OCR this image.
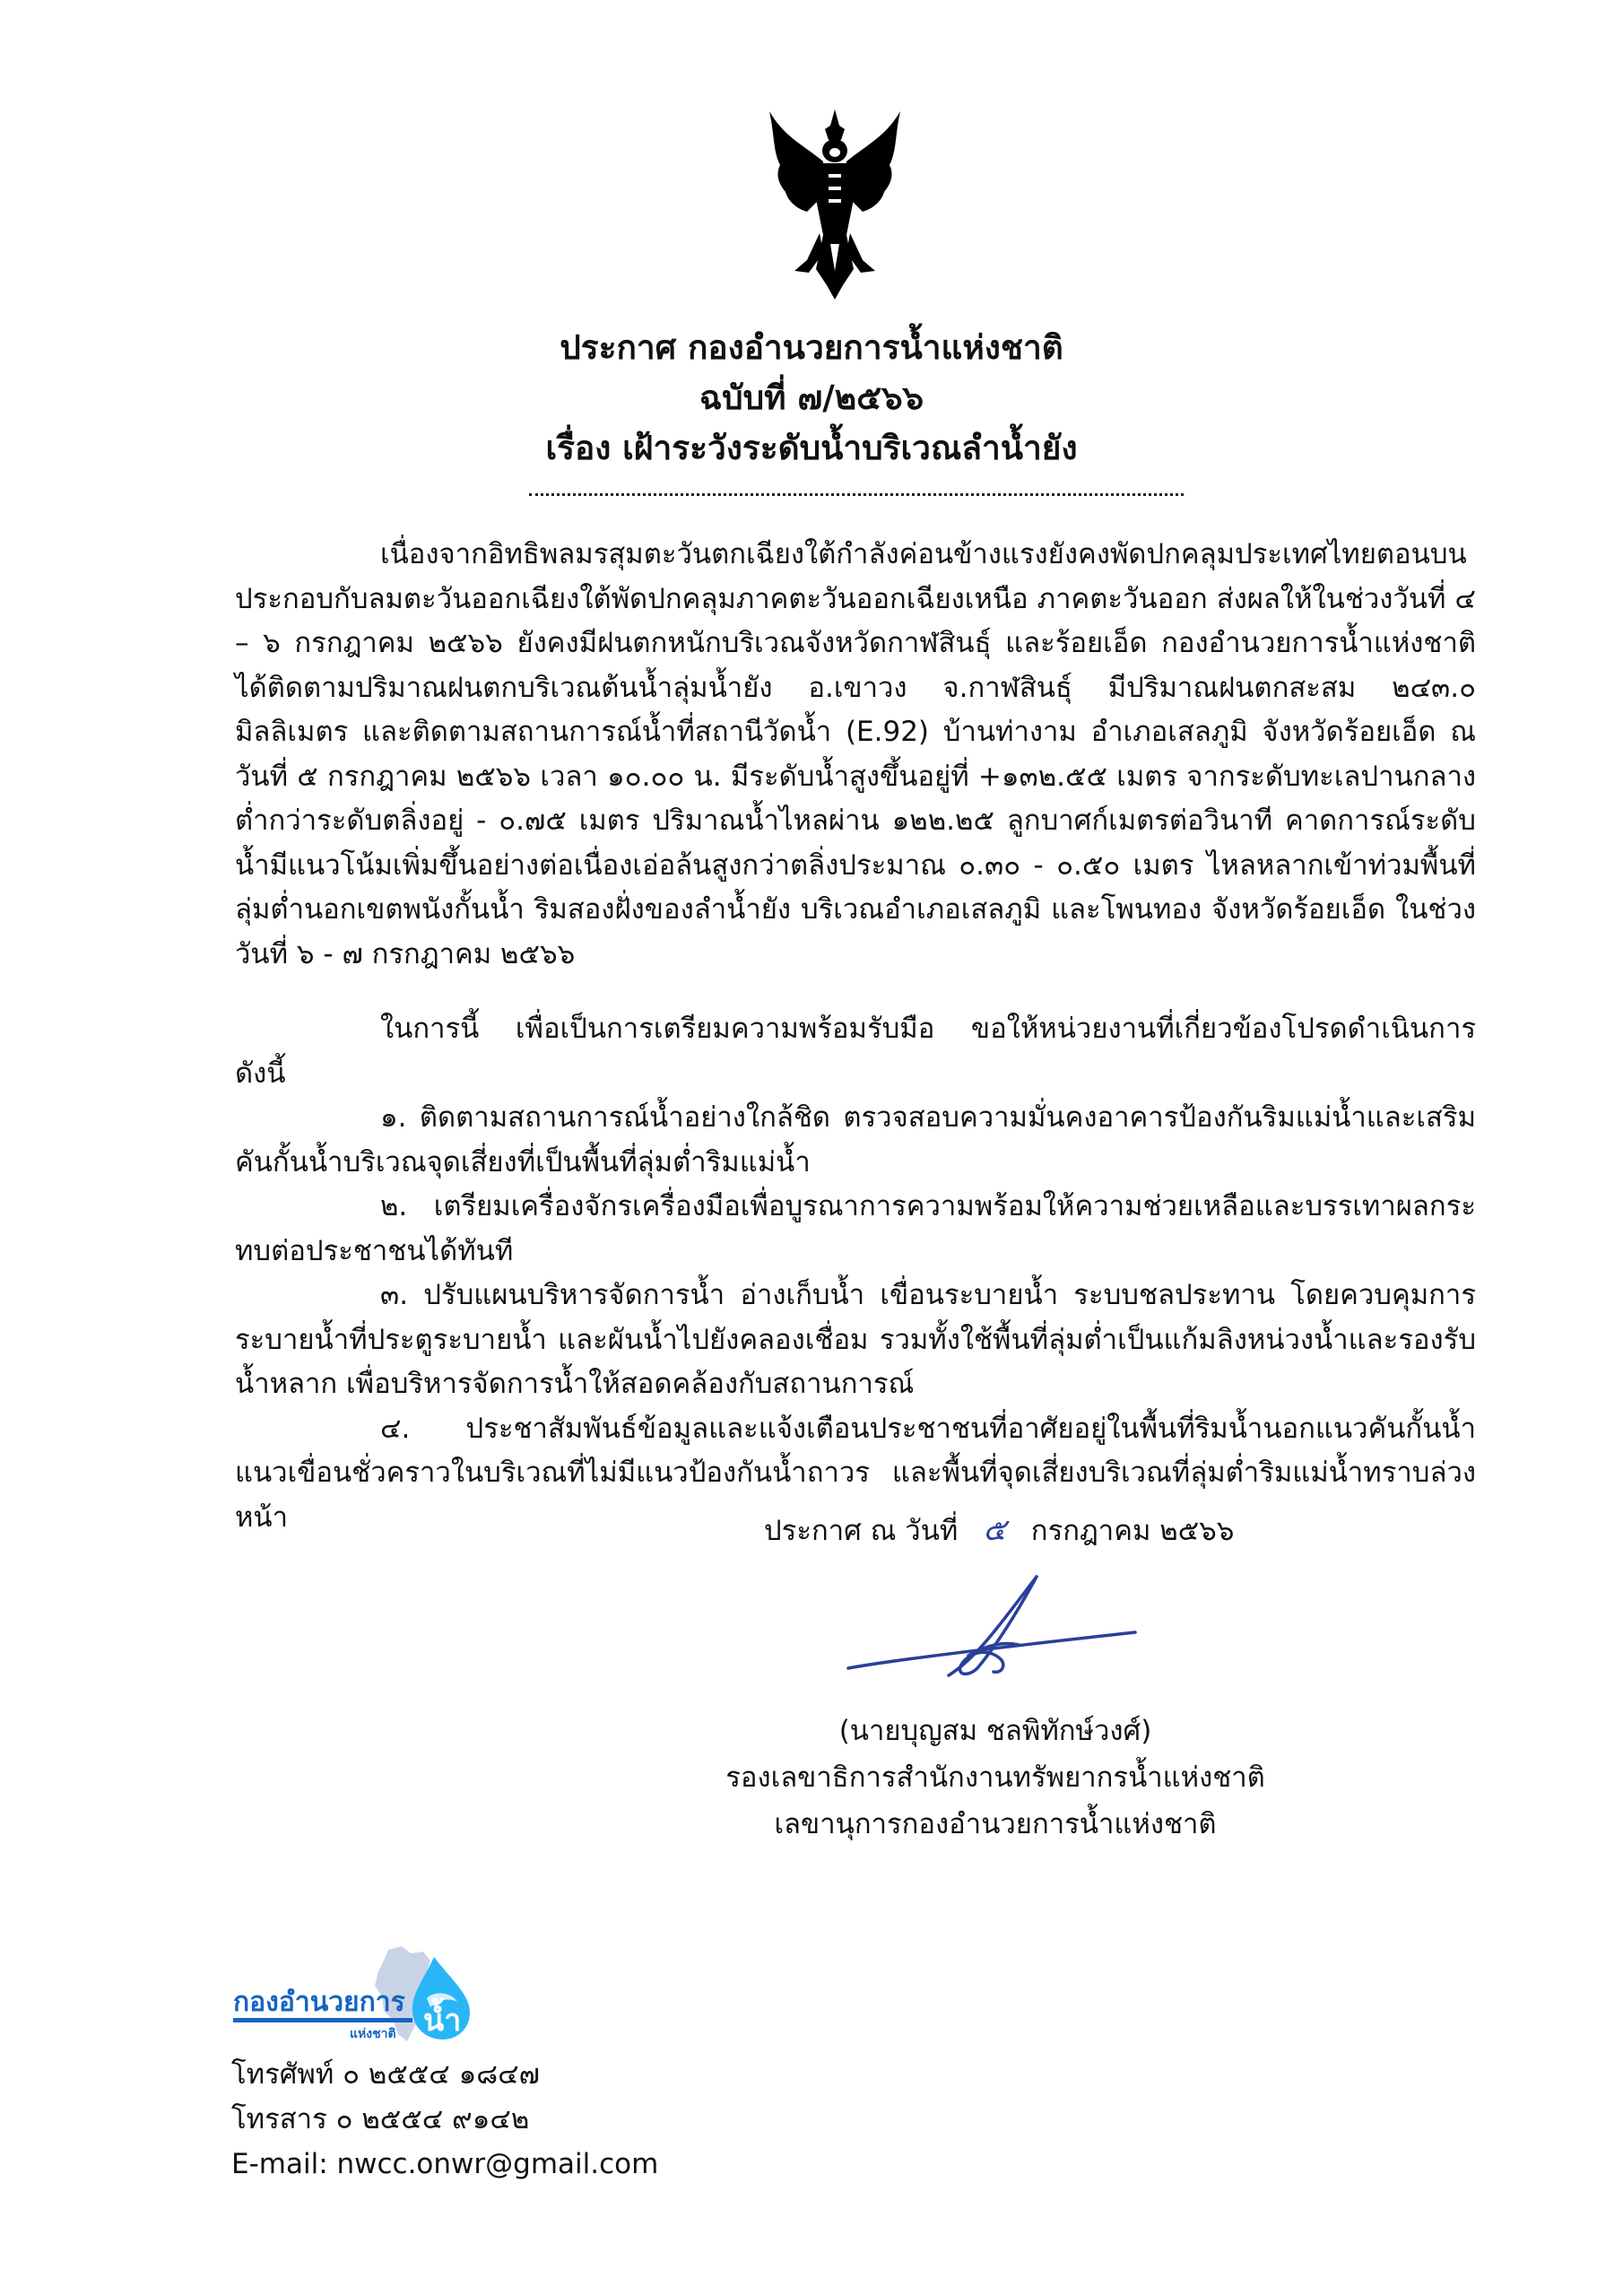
ประกาศ กองอำนวยการน้ำแห่งชาติ

ฉบับที่ ๗/๒๕๖๖

เรื่อง เฝ้าระวังระดับน้ำบริเวณลำน้ำยัง

เนื่องจากอิทธิพลมรสุมตะวันตกเฉียงใต้กำลังค่อนข้างแรงยังคงพัดปกคลุมประเทศไทยตอนบน ประกอบกับลมตะวันออกเฉียงใต้พัดปกคลุมภาคตะวันออกเฉียงเหนือ ภาคตะวันออก ส่งผลให้ในช่วงวันที่ ๔ – ๖ กรกฎาคม ๒๕๖๖ ยังคงมีฝนตกหนักบริเวณจังหวัดกาฬสินธุ์ และร้อยเอ็ด กองอำนวยการน้ำแห่งชาติ ได้ติดตามปริมาณฝนตกบริเวณต้นน้ำลุ่มน้ำยัง อ.เขาวง จ.กาฬสินธุ์ มีปริมาณฝนตกสะสม ๒๔๓.๐ มิลลิเมตร และติดตามสถานการณ์น้ำที่สถานีวัดน้ำ (E.92) บ้านท่างาม อำเภอเสลภูมิ จังหวัดร้อยเอ็ด ณ วันที่ ๕ กรกฎาคม ๒๕๖๖ เวลา ๑๐.๐๐ น. มีระดับน้ำสูงขึ้นอยู่ที่ +๑๓๒.๕๕ เมตร จากระดับทะเลปานกลาง ต่ำกว่าระดับตลิ่งอยู่ - ๐.๗๕ เมตร ปริมาณน้ำไหลผ่าน ๑๒๒.๒๕ ลูกบาศก์เมตรต่อวินาที คาดการณ์ระดับน้ำมีแนวโน้มเพิ่มขึ้นอย่างต่อเนื่องเอ่อล้นสูงกว่าตลิ่งประมาณ ๐.๓๐ - ๐.๕๐ เมตร ไหลหลากเข้าท่วมพื้นที่ลุ่มต่ำนอกเขตพนังกั้นน้ำ ริมสองฝั่งของลำน้ำยัง บริเวณอำเภอเสลภูมิ และโพนทอง จังหวัดร้อยเอ็ด ในช่วงวันที่ ๖ - ๗ กรกฎาคม ๒๕๖๖

ในการนี้ เพื่อเป็นการเตรียมความพร้อมรับมือ ขอให้หน่วยงานที่เกี่ยวข้องโปรดดำเนินการ ดังนี้

๑. ติดตามสถานการณ์น้ำอย่างใกล้ชิด ตรวจสอบความมั่นคงอาคารป้องกันริมแม่น้ำและเสริมคันกั้นน้ำบริเวณจุดเสี่ยงที่เป็นพื้นที่ลุ่มต่ำริมแม่น้ำ

๒. เตรียมเครื่องจักรเครื่องมือเพื่อบูรณาการความพร้อมให้ความช่วยเหลือและบรรเทาผลกระทบต่อประชาชนได้ทันที

๓. ปรับแผนบริหารจัดการน้ำ อ่างเก็บน้ำ เขื่อนระบายน้ำ ระบบชลประทาน โดยควบคุมการระบายน้ำที่ประตูระบายน้ำ และผันน้ำไปยังคลองเชื่อม รวมทั้งใช้พื้นที่ลุ่มต่ำเป็นแก้มลิงหน่วงน้ำและรองรับน้ำหลาก เพื่อบริหารจัดการน้ำให้สอดคล้องกับสถานการณ์

๔. ประชาสัมพันธ์ข้อมูลและแจ้งเตือนประชาชนที่อาศัยอยู่ในพื้นที่ริมน้ำนอกแนวคันกั้นน้ำ แนวเขื่อนชั่วคราวในบริเวณที่ไม่มีแนวป้องกันน้ำถาวร และพื้นที่จุดเสี่ยงบริเวณที่ลุ่มต่ำริมแม่น้ำทราบล่วงหน้า	ประกาศ ณ วันที่ ๕ กรกฎาคม ๒๕๖๖
(นายบุญสม ชลพิทักษ์วงศ์)
รองเลขาธิการสำนักงานทรัพยากรน้ำแห่งชาติ
เลขานุการกองอำนวยการน้ำแห่งชาติ
กองอำนวยการ
แห่งชาติ น้ำ
โทรศัพท์ ๐ ๒๕๕๔ ๑๘๔๗
โทรสาร ๐ ๒๕๕๔ ๙๑๔๒
E-mail: nwcc.onwr@gmail.com
